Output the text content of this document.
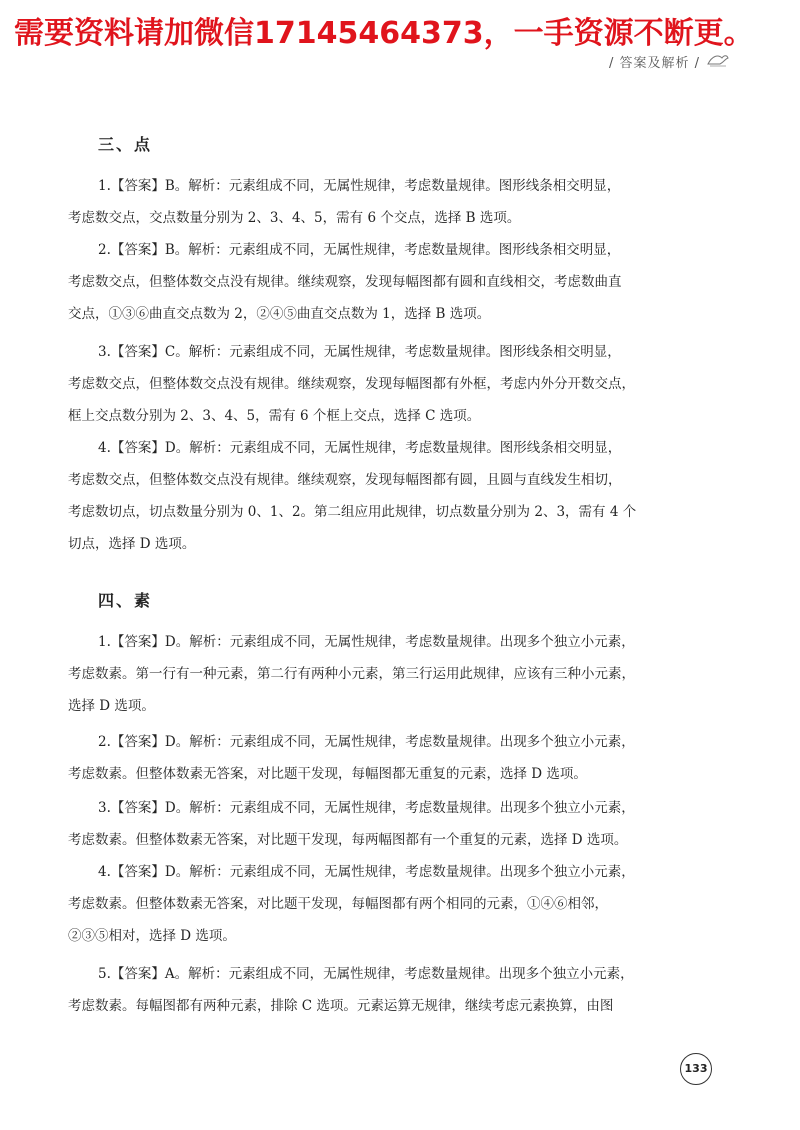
需要资料请加微信17145464373，一手资源不断更。
/ 答案及解析 /
三、点
1.【答案】B。解析：元素组成不同，无属性规律，考虑数量规律。图形线条相交明显，
考虑数交点，交点数量分别为 2、3、4、5，需有 6 个交点，选择 B 选项。
2.【答案】B。解析：元素组成不同，无属性规律，考虑数量规律。图形线条相交明显，
考虑数交点，但整体数交点没有规律。继续观察，发现每幅图都有圆和直线相交，考虑数曲直
交点，①③⑥曲直交点数为 2，②④⑤曲直交点数为 1，选择 B 选项。
3.【答案】C。解析：元素组成不同，无属性规律，考虑数量规律。图形线条相交明显，
考虑数交点，但整体数交点没有规律。继续观察，发现每幅图都有外框，考虑内外分开数交点，
框上交点数分别为 2、3、4、5，需有 6 个框上交点，选择 C 选项。
4.【答案】D。解析：元素组成不同，无属性规律，考虑数量规律。图形线条相交明显，
考虑数交点，但整体数交点没有规律。继续观察，发现每幅图都有圆，且圆与直线发生相切，
考虑数切点，切点数量分别为 0、1、2。第二组应用此规律，切点数量分别为 2、3，需有 4 个
切点，选择 D 选项。
四、素
1.【答案】D。解析：元素组成不同，无属性规律，考虑数量规律。出现多个独立小元素，
考虑数素。第一行有一种元素，第二行有两种小元素，第三行运用此规律，应该有三种小元素，
选择 D 选项。
2.【答案】D。解析：元素组成不同，无属性规律，考虑数量规律。出现多个独立小元素，
考虑数素。但整体数素无答案，对比题干发现，每幅图都无重复的元素，选择 D 选项。
3.【答案】D。解析：元素组成不同，无属性规律，考虑数量规律。出现多个独立小元素，
考虑数素。但整体数素无答案，对比题干发现，每两幅图都有一个重复的元素，选择 D 选项。
4.【答案】D。解析：元素组成不同，无属性规律，考虑数量规律。出现多个独立小元素，
考虑数素。但整体数素无答案，对比题干发现，每幅图都有两个相同的元素，①④⑥相邻，
②③⑤相对，选择 D 选项。
5.【答案】A。解析：元素组成不同，无属性规律，考虑数量规律。出现多个独立小元素，
考虑数素。每幅图都有两种元素，排除 C 选项。元素运算无规律，继续考虑元素换算，由图
133
